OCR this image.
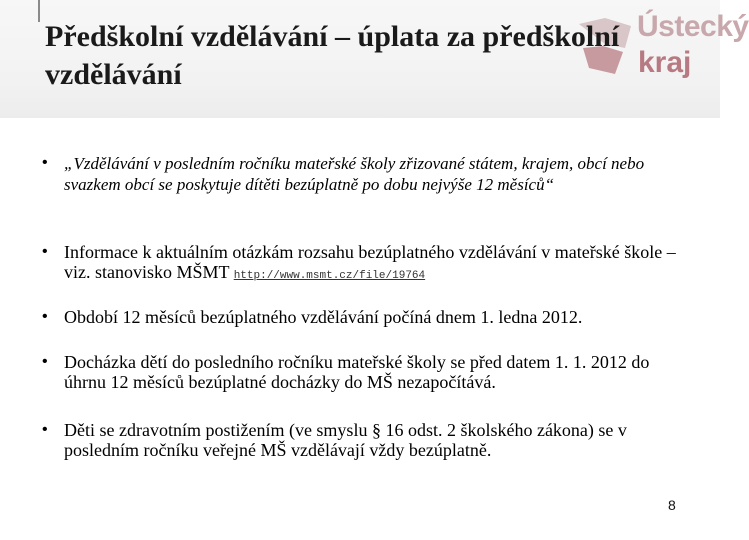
Ústecký
kraj
Předškolní vzdělávání – úplata za předškolní vzdělávání
• „Vzdělávání v posledním ročníku mateřské školy zřizované státem, krajem, obcí nebo svazkem obcí se poskytuje dítěti bezúplatně po dobu nejvýše 12 měsíců“
• Informace k aktuálním otázkám rozsahu bezúplatného vzdělávání v mateřské škole – viz. stanovisko MŠMT http://www.msmt.cz/file/19764
• Období 12 měsíců bezúplatného vzdělávání počíná dnem 1. ledna 2012.
• Docházka dětí do posledního ročníku mateřské školy se před datem 1. 1. 2012 do úhrnu 12 měsíců bezúplatné docházky do MŠ nezapočítává.
• Děti se zdravotním postižením (ve smyslu § 16 odst. 2 školského zákona) se v posledním ročníku veřejné MŠ vzdělávají vždy bezúplatně.
8
